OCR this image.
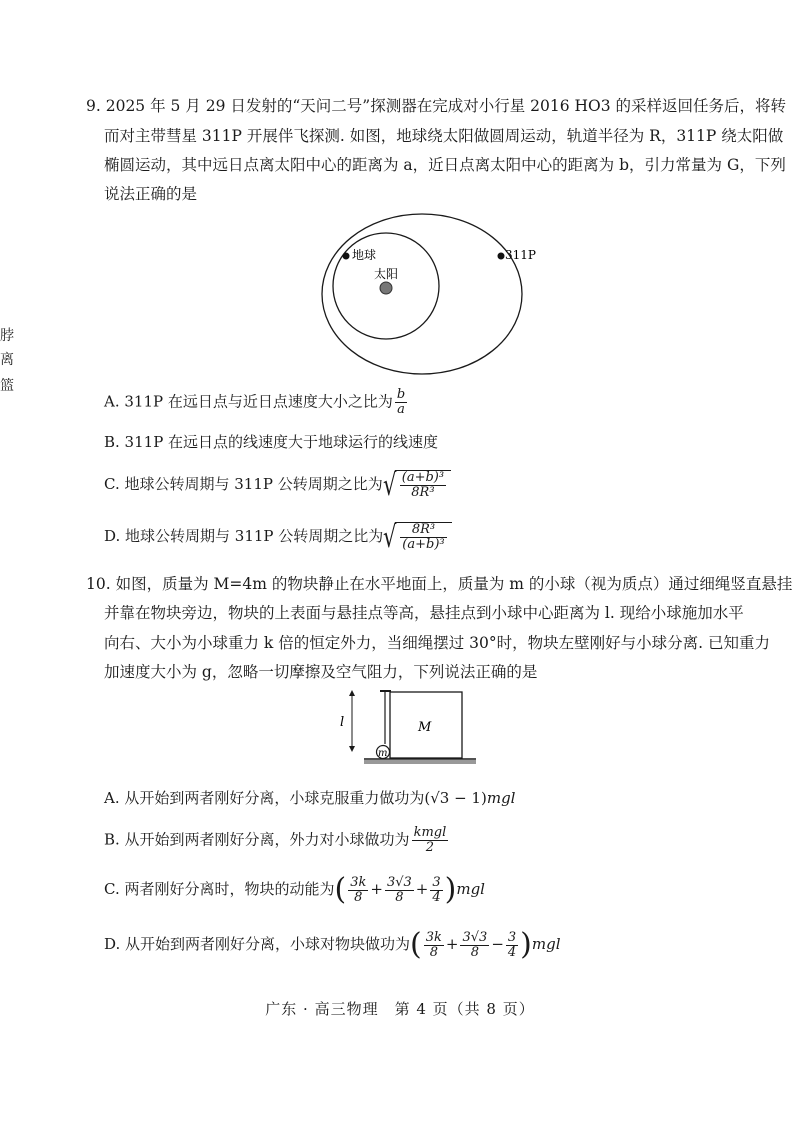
脖
离
篮
9. 2025 年 5 月 29 日发射的“天问二号”探测器在完成对小行星 2016 HO3 的采样返回任务后，将转
而对主带彗星 311P 开展伴飞探测. 如图，地球绕太阳做圆周运动，轨道半径为 R，311P 绕太阳做
椭圆运动，其中远日点离太阳中心的距离为 a，近日点离太阳中心的距离为 b，引力常量为 G，下列
说法正确的是
地球
太阳
311P
A. 311P 在远日点与近日点速度大小之比为 $\frac{b}{a}$
B. 311P 在远日点的线速度大于地球运行的线速度
C. 地球公转周期与 311P 公转周期之比为 √ $\frac{\text{(a+b)³}}{\text{8R³}}$
D. 地球公转周期与 311P 公转周期之比为 √ $\frac{\text{8R³}}{\text{(a+b)³}}$
10. 如图，质量为 M=4m 的物块静止在水平地面上，质量为 m 的小球（视为质点）通过细绳竖直悬挂
并靠在物块旁边，物块的上表面与悬挂点等高，悬挂点到小球中心距离为 l. 现给小球施加水平
向右、大小为小球重力 k 倍的恒定外力，当细绳摆过 30°时，物块左壁刚好与小球分离. 已知重力
加速度大小为 g，忽略一切摩擦及空气阻力，下列说法正确的是
l	M
m
A. 从开始到两者刚好分离，小球克服重力做功为(√3 − 1)mgl
B. 从开始到两者刚好分离，外力对小球做功为 $\frac{\text{kmgl}}{2}$
C. 两者刚好分离时，物块的动能为( $\frac{3k}{8} + \frac{3√3}{8} + \frac{3}{4} )mgl$
D. 从开始到两者刚好分离，小球对物块做功为( $\frac{3k}{8} + \frac{3√3}{8} - \frac{3}{4} )mgl$
广东 · 高三物理　第 4 页（共 8 页）
